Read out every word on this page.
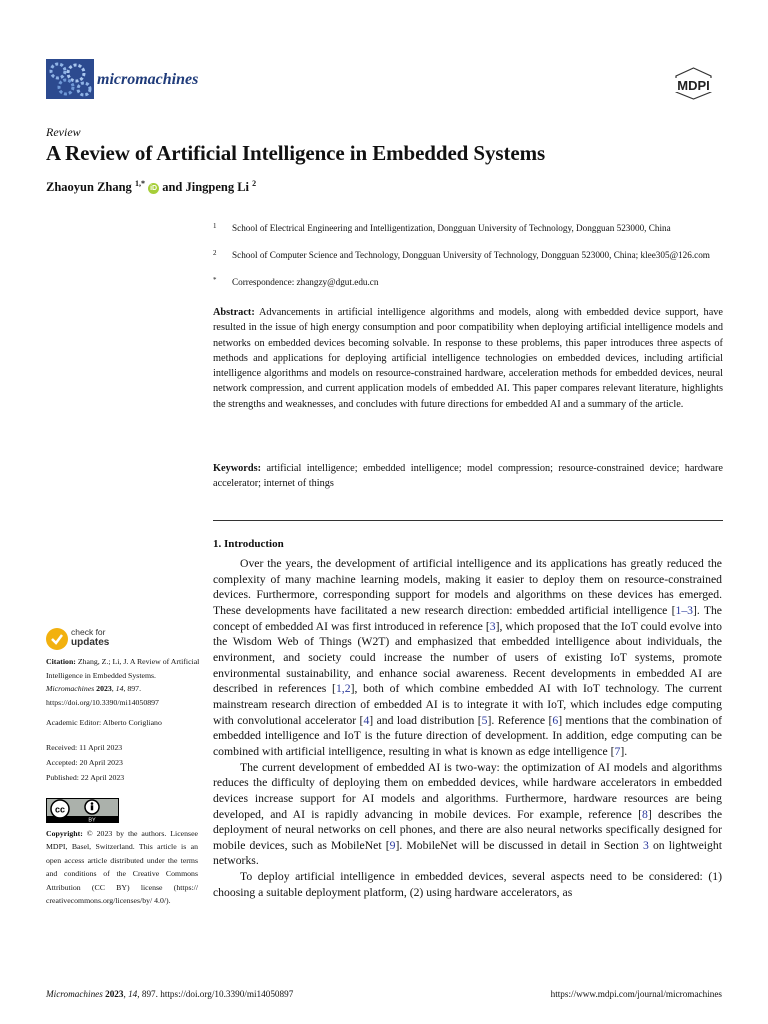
micromachines	MDPI
Review
A Review of Artificial Intelligence in Embedded Systems
Zhaoyun Zhang $^{1,*}$ iD and Jingpeng Li $^2$
1 School of Electrical Engineering and Intelligentization, Dongguan University of Technology, Dongguan 523000, China
2 School of Computer Science and Technology, Dongguan University of Technology, Dongguan 523000, China; klee305@126.com
* Correspondence: zhangzy@dgut.edu.cn
Abstract: Advancements in artificial intelligence algorithms and models, along with embedded device support, have resulted in the issue of high energy consumption and poor compatibility when deploying artificial intelligence models and networks on embedded devices becoming solvable. In response to these problems, this paper introduces three aspects of methods and applications for deploying artificial intelligence technologies on embedded devices, including artificial intelligence algorithms and models on resource-constrained hardware, acceleration methods for embedded devices, neural network compression, and current application models of embedded AI. This paper compares relevant literature, highlights the strengths and weaknesses, and concludes with future directions for embedded AI and a summary of the article.
Keywords: artificial intelligence; embedded intelligence; model compression; resource-constrained device; hardware accelerator; internet of things
1. Introduction

Over the years, the development of artificial intelligence and its applications has greatly reduced the complexity of many machine learning models, making it easier to deploy them on resource-constrained devices. Furthermore, corresponding support for models and algorithms on these devices has emerged. These developments have facilitated a new research direction: embedded artificial intelligence [1–3]. The concept of embedded AI was first introduced in reference [3], which proposed that the IoT could evolve into the Wisdom Web of Things (W2T) and emphasized that embedded intelligence about individuals, the environment, and society could increase the number of users of existing IoT systems, promote environmental sustainability, and enhance social awareness. Recent developments in embedded AI are described in references [1,2], both of which combine embedded AI with IoT technology. The current mainstream research direction of embedded AI is to integrate it with IoT, which includes edge computing with convolutional accelerator [4] and load distribution [5]. Reference [6] mentions that the combination of embedded intelligence and IoT is the future direction of development. In addition, edge computing can be combined with artificial intelligence, resulting in what is known as edge intelligence [7].

The current development of embedded AI is two-way: the optimization of AI models and algorithms reduces the difficulty of deploying them on embedded devices, while hardware accelerators in embedded devices increase support for AI models and algorithms. Furthermore, hardware resources are being developed, and AI is rapidly advancing in mobile devices. For example, reference [8] describes the deployment of neural networks on cell phones, and there are also neural networks specifically designed for mobile devices, such as MobileNet [9]. MobileNet will be discussed in detail in Section 3 on lightweight networks.

To deploy artificial intelligence in embedded devices, several aspects need to be considered: (1) choosing a suitable deployment platform, (2) using hardware accelerators, as

check for
updates
Citation: Zhang, Z.; Li, J. A Review of Artificial Intelligence in Embedded Systems. Micromachines 2023, 14, 897. https://doi.org/10.3390/mi14050897
Academic Editor: Alberto Corigliano
Received: 11 April 2023
Accepted: 20 April 2023
Published: 22 April 2023
cc
BY
Copyright: © 2023 by the authors. Licensee MDPI, Basel, Switzerland. This article is an open access article distributed under the terms and conditions of the Creative Commons Attribution (CC BY) license (https:// creativecommons.org/licenses/by/ 4.0/).
Micromachines 2023, 14, 897. https://doi.org/10.3390/mi14050897	https://www.mdpi.com/journal/micromachines
